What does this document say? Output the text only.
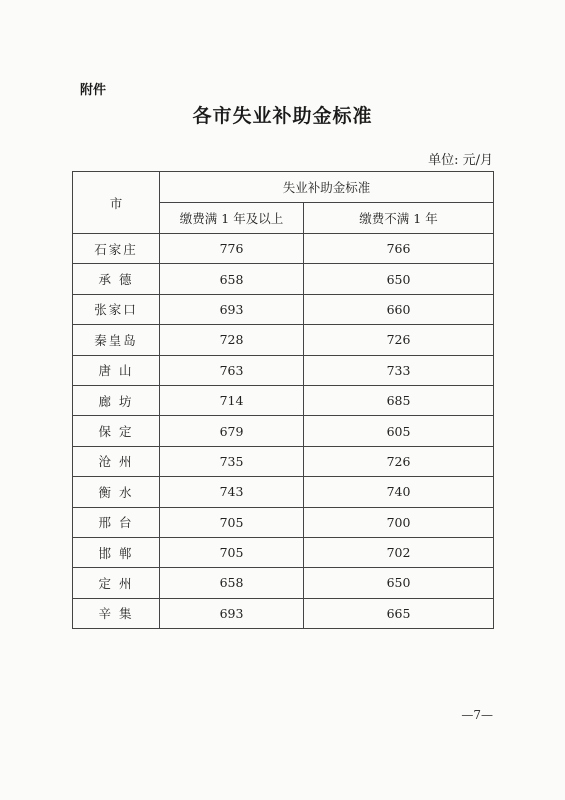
附件
各市失业补助金标准
单位: 元/月
市	失业补助金标准	
	缴费满 1 年及以上	缴费不满 1 年
石家庄	776	766
承 德	658	650
张家口	693	660
秦皇岛	728	726
唐 山	763	733
廊 坊	714	685
保 定	679	605
沧 州	735	726
衡 水	743	740
邢 台	705	700
邯 郸	705	702
定 州	658	650
辛 集	693	665
—7—
